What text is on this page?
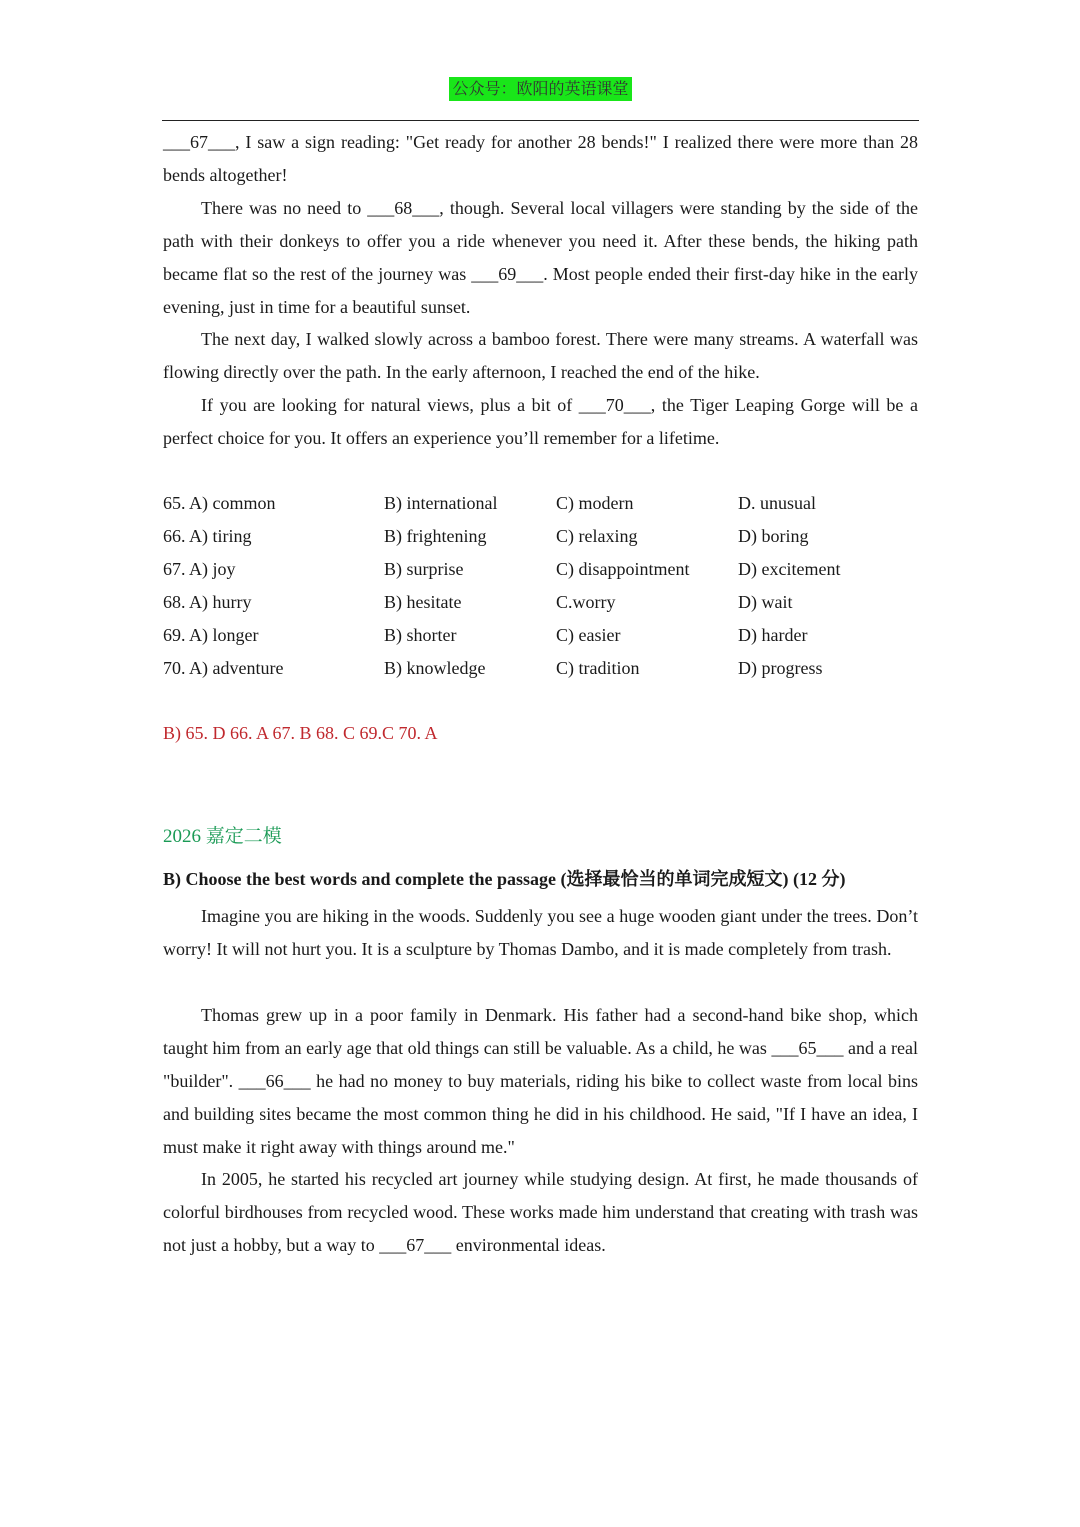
公众号：欧阳的英语课堂

___67___, I saw a sign reading: "Get ready for another 28 bends!" I realized there were more than 28 bends altogether!

There was no need to ___68___, though. Several local villagers were standing by the side of the path with their donkeys to offer you a ride whenever you need it. After these bends, the hiking path became flat so the rest of the journey was ___69___. Most people ended their first-day hike in the early evening, just in time for a beautiful sunset.

The next day, I walked slowly across a bamboo forest. There were many streams. A waterfall was flowing directly over the path. In the early afternoon, I reached the end of the hike.

If you are looking for natural views, plus a bit of ___70___, the Tiger Leaping Gorge will be a perfect choice for you. It offers an experience you’ll remember for a lifetime.

65. A) common	B) international	C) modern	D. unusual
66. A) tiring	B) frightening	C) relaxing	D) boring
67. A) joy	B) surprise	C) disappointment	D) excitement
68. A) hurry	B) hesitate	C.worry	D) wait
69. A) longer	B) shorter	C) easier	D) harder
70. A) adventure	B) knowledge	C) tradition	D) progress
B) 65. D 66. A 67. B 68. C 69.C 70. A
2026 嘉定二模
B) Choose the best words and complete the passage (选择最恰当的单词完成短文) (12 分)

Imagine you are hiking in the woods. Suddenly you see a huge wooden giant under the trees. Don’t worry! It will not hurt you. It is a sculpture by Thomas Dambo, and it is made completely from trash.

Thomas grew up in a poor family in Denmark. His father had a second-hand bike shop, which taught him from an early age that old things can still be valuable. As a child, he was ___65___ and a real "builder". ___66___ he had no money to buy materials, riding his bike to collect waste from local bins and building sites became the most common thing he did in his childhood. He said, "If I have an idea, I must make it right away with things around me."

In 2005, he started his recycled art journey while studying design. At first, he made thousands of colorful birdhouses from recycled wood. These works made him understand that creating with trash was not just a hobby, but a way to ___67___ environmental ideas.
